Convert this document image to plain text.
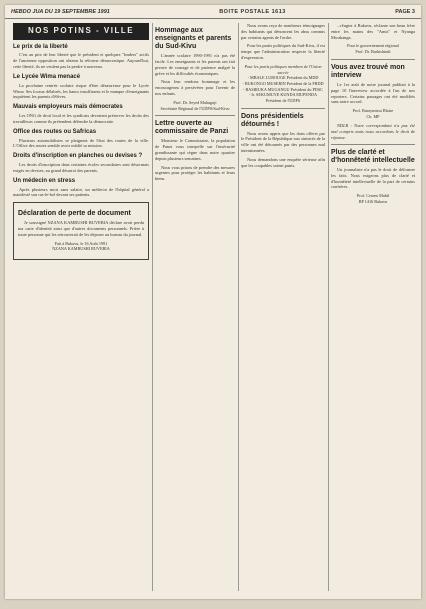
HEBDO JUA DU 19 SEPTEMBRE 1991	BOITE POSTALE 1613	PAGE 3
NOS POTINS - VILLE
Le prix de la liberté

C'est au prix de leur liberté que le président et quelques "leaders" actifs de l'ancienne opposition ont obtenu la réforme démocratique. Aujourd'hui, cette liberté, ils ne veulent pas la perdre à nouveau.

Le Lycée Wima menacé

La prochaine rentrée scolaire risque d'être désastreuse pour le Lycée Wima. Ses locaux délabrés, les bancs insuffisants et le manque d'enseignants inquiètent les parents d'élèves.

Mauvais employeurs mais démocrates

Les ONG de droit local et les syndicats devraient préserver les droits des travailleurs comme ils prétendent défendre la démocratie.

Office des routes ou Safricas

Plusieurs automobilistes se plaignent de l'état des routes de la ville. L'Office des routes semble avoir oublié sa mission.

Droits d'inscription en planches ou devises ?

Les droits d'inscription dans certaines écoles secondaires sont désormais exigés en devises, au grand désarroi des parents.

Un médecin en stress

Après plusieurs mois sans salaire, un médecin de l'hôpital général a manifesté son ras-le-bol devant ses patients.

Déclaration de perte de document

Je soussigné NZANA KAMBUSHI RUVEBIA déclare avoir perdu ma carte d'identité ainsi que d'autres documents personnels. Prière à toute personne qui les retrouverait de les déposer au bureau du journal.

Fait à Bukavu, le 16 Août 1991
NZANA KAMBUSHI RUVEBIA
Hommage aux enseignants et parents du Sud-Kivu

L'année scolaire 1990-1991 n'a pas été facile. Les enseignants et les parents ont fait preuve de courage et de patience malgré la grève et les difficultés économiques.

Nous leur rendons hommage et les encourageons à persévérer pour l'avenir de nos enfants.

Prof. Dr. Seyed Mahuguji
Secrétaire Régional de l'UDPS/Sud-Kivu
Lettre ouverte au commissaire de Panzi

Monsieur le Commissaire, la population de Panzi vous interpelle sur l'insécurité grandissante qui règne dans notre quartier depuis plusieurs semaines.

Nous vous prions de prendre des mesures urgentes pour protéger les habitants et leurs biens.

Nous avons reçu de nombreux témoignages des habitants qui dénoncent les abus commis par certains agents de l'ordre.

Pour les partis politiques du Sud-Kivu, il est temps que l'administration respecte la liberté d'expression.

Pour les partis politiques membres de l'Union sacrée
- MBALE LUBOUGE Président du MDD
- BUKONGO MUSERIN Président de la FRDD
- BASIRUKA MUGANGU Président du PDSC
- Ir. SEKUMUYE KUNDA MUPENDA Président de l'UDPS
Dons présidentiels détournés !

Nous avons appris que les dons offerts par le Président de la République aux sinistrés de la ville ont été détournés par des personnes mal intentionnées.

Nous demandons une enquête sérieuse afin que les coupables soient punis.

...rêugier à Bukavu, réclame son beau frère entre les mains des "Amis" et Nyanga Mwakanga.

Pour le gouvernement régional
Prof. Dr. Barhishindi
Vous avez trouvé mon interview

Le 1er août de notre journal publiait à la page 10 l'interview accordée à l'un de nos reporters. Certains passages ont été modifiés sans notre accord.

Prof. Buraymissa Blaise
Ch. MP

NDLR : Notre correspondant n'a pas été mal compris mais nous accordons le droit de réponse.

Plus de clarté et d'honnêteté intellectuelle

Un journaliste n'a pas le droit de déformer les faits. Nous exigeons plus de clarté et d'honnêteté intellectuelle de la part de certains confrères.

Prof. Cesens Mabil
BP 1416 Bukavu
